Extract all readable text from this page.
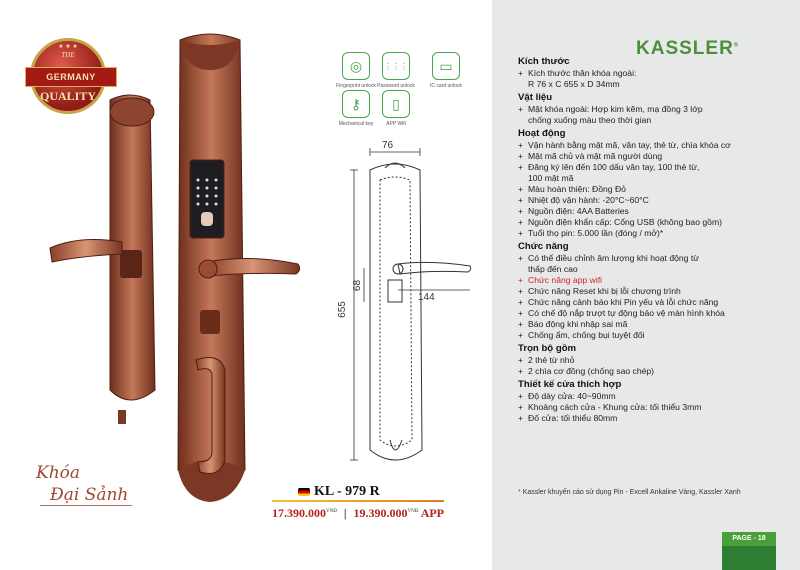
★ ★ ★
THE
GERMANY
QUALITY
Khóa
Đại Sảnh
◎
Fingerprint unlock
⋮⋮⋮
Password unlock
▭
IC card unlock
⚷
Mechanical key
▯
APP Wifi
76
655
68
144
KL - 979 R
$17.390.000^{VNĐ}$ | $19.390.000^{VNĐ}$ APP
KASSLER®
Kích thước
+ Kích thước thân khóa ngoài:
R 76 x C 655 x D 34mm
Vật liệu
+ Mặt khóa ngoài: Hợp kim kẽm, mạ đồng 3 lớp
chống xuống màu theo thời gian
Hoạt động
+ Vận hành bằng mật mã, vân tay, thẻ từ, chìa khóa cơ
+ Mật mã chủ và mật mã người dùng
+ Đăng ký lên đến 100 dấu vân tay, 100 thẻ từ,
100 mật mã
+ Màu hoàn thiện: Đồng Đỏ
+ Nhiệt độ vận hành: -20°C~60°C
+ Nguồn điện: 4AA Batteries
+ Nguồn điện khẩn cấp: Cổng USB (không bao gồm)
+ Tuổi thọ pin: 5.000 lần (đóng / mở)*
Chức năng
+ Có thể điều chỉnh âm lượng khi hoạt động từ
thấp đến cao
+ Chức năng app wifi
+ Chức năng Reset khi bị lỗi chương trình
+ Chức năng cảnh báo khi Pin yếu và lỗi chức năng
+ Có chế độ nắp trượt tự động bảo vệ màn hình khóa
+ Báo động khi nhập sai mã
+ Chống ẩm, chống bụi tuyệt đối
Trọn bộ gồm
+ 2 thẻ từ nhỏ
+ 2 chìa cơ đồng (chống sao chép)
Thiết kế cửa thích hợp
+ Độ dày cửa: 40~90mm
+ Khoảng cách cửa - Khung cửa: tối thiểu 3mm
+ Đố cửa: tối thiểu 80mm
* Kassler khuyến cáo sử dụng Pin - Excell Ankaline Vàng, Kassler Xanh
PAGE - 18
